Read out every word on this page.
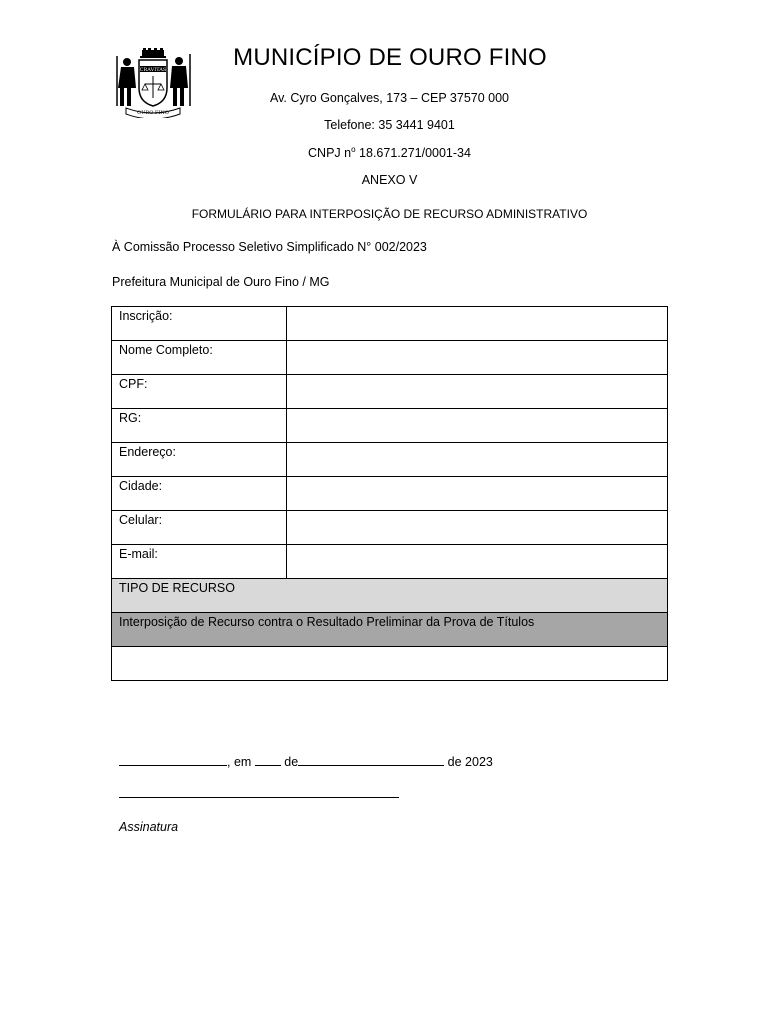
CRAVITAS
OURO FINO
MUNICÍPIO DE OURO FINO
Av. Cyro Gonçalves, 173 – CEP 37570 000
Telefone: 35 3441 9401
CNPJ $n^o$ 18.671.271/0001-34
ANEXO V
FORMULÁRIO PARA INTERPOSIÇÃO DE RECURSO ADMINISTRATIVO
À Comissão Processo Seletivo Simplificado N° 002/2023
Prefeitura Municipal de Ouro Fino / MG
Inscrição:	
Nome Completo:	
CPF:	
RG:	
Endereço:	
Cidade:	
Celular:	
E-mail:	
TIPO DE RECURSO	
Interposição de Recurso contra o Resultado Preliminar da Prova de Títulos	

, em  de de 2023
Assinatura	
